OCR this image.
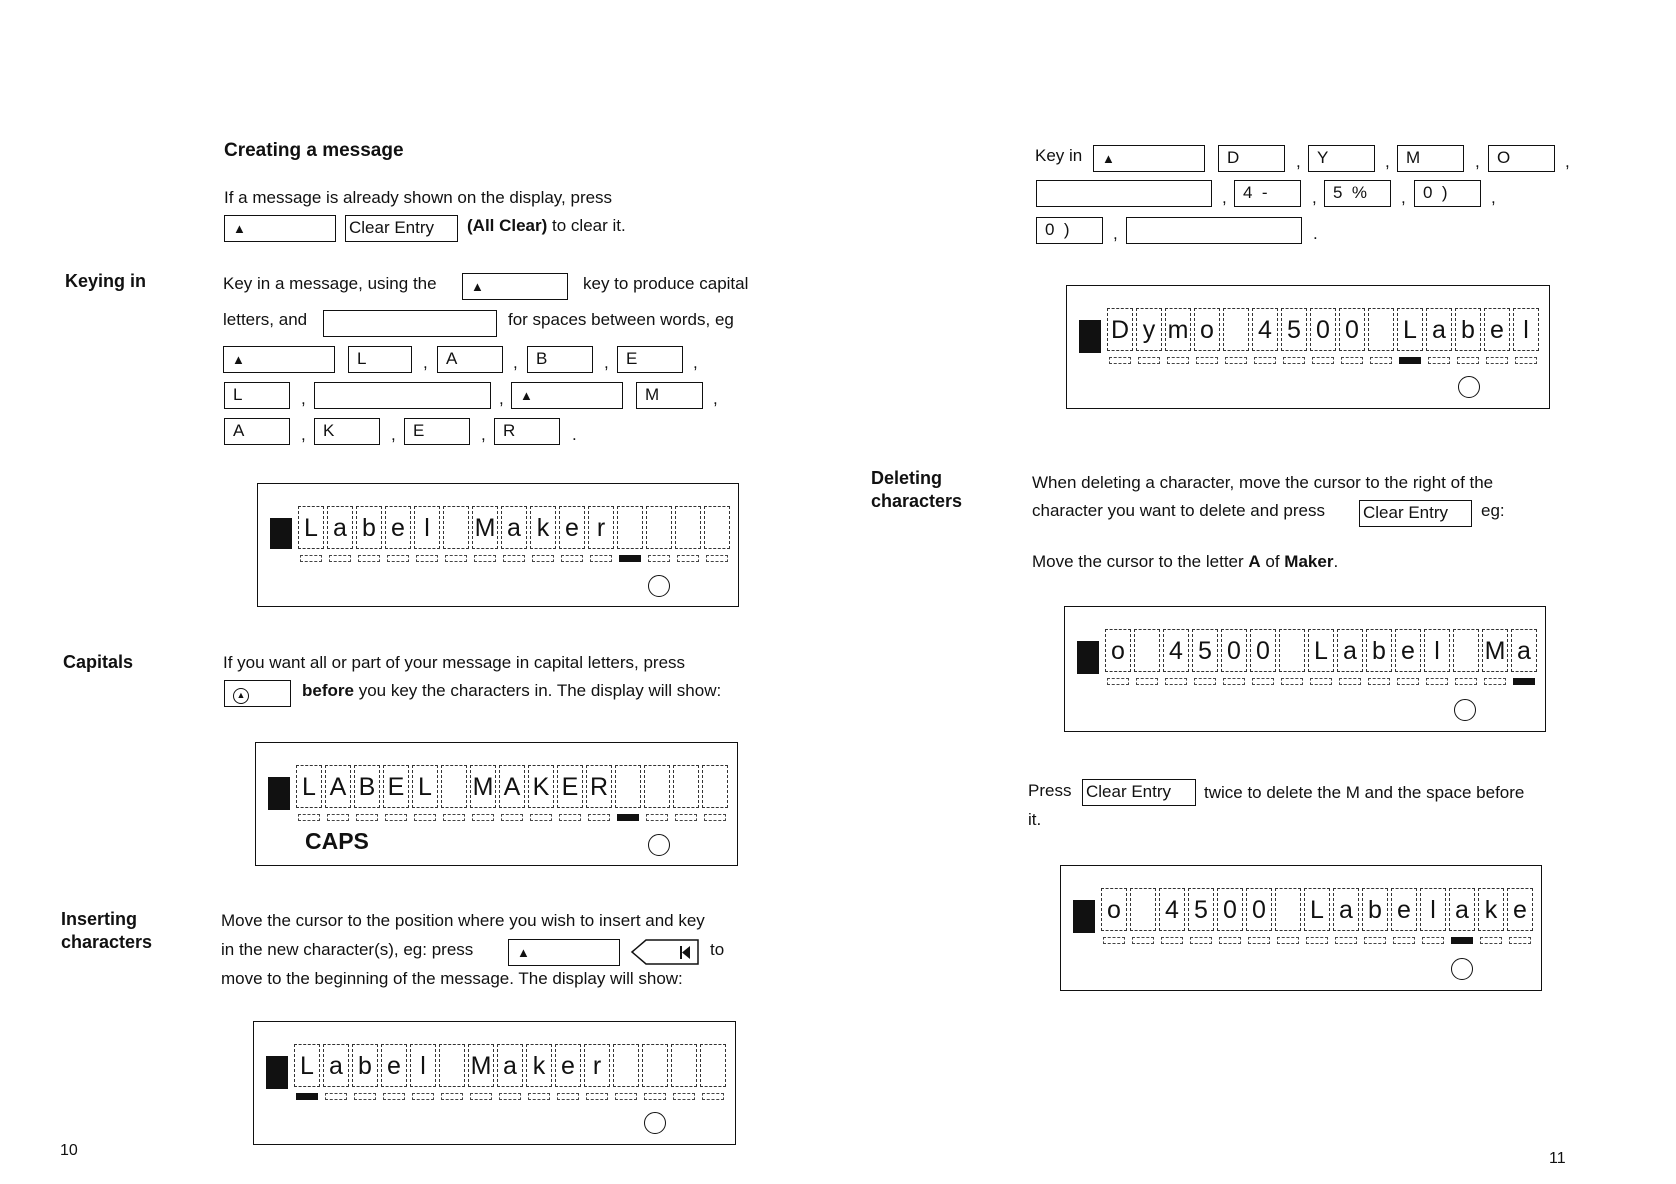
Creating a message
If a message is already shown on the display, press
▲	Clear Entry	(All Clear) to clear it.
Keying in	Key in a message, using the	▲	key to produce capital
letters, and	for spaces between words, eg
▲	L	,	A	,	B	,	E	,
L	,	,	▲	M	,
A	,	K	,	E	,	R	.
L a b e l	M a k e r
Capitals	If you want all or part of your message in capital letters, press
▲	before you key the characters in. The display will show:
L A B E L M A K E R
CAPS
Inserting
characters
Move the cursor to the position where you wish to insert and key
in the new character(s), eg: press	▲	to
move to the beginning of the message. The display will show:
L a b e l	M a k e r
10
Key in	▲	D	, Y	, M	,	O	,
, 4  -	, 5  %	,	0  )	,
0  )	,	.
D y m o 4 5 0 0 L a b e l
Deleting
characters
When deleting a character, move the cursor to the right of the
character you want to delete and press Clear Entry	eg:
Move the cursor to the letter A of Maker.
o 4 5 0 0 L a b e l	M a
Press Clear Entry	twice to delete the M and the space before
it.
o 4 5 0 0 L a b e l a k e
11
